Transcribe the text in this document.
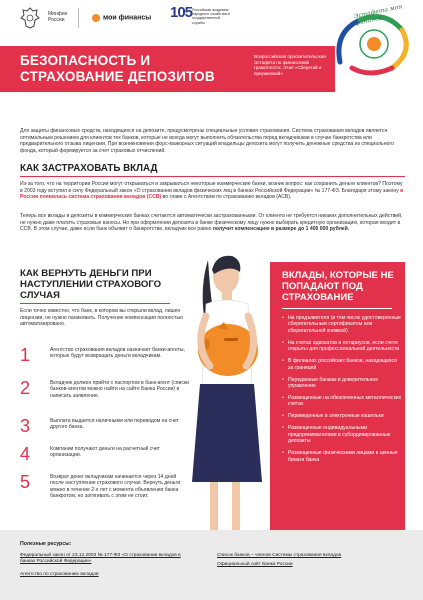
Минфин России	мои финансы 105 Российская академия народного хозяйства и государственной службы
Эстафета моя финансы
БЕЗОПАСНОСТЬ И СТРАХОВАНИЕ ДЕПОЗИТОВ
Всероссийская просветительская Эстафета по финансовой грамотности. Этап «Сберегай и приумножай»

Для защиты финансовых средств, находящихся на депозите, предусмотрены специальные условия страхования. Система страхования вкладов является оптимальным решением для клиентов тех банков, которые не всегда могут выполнить обязательства перед вкладчиками в случае банкротства или предварительного отзыва лицензии. При возникновении форс-мажорных ситуаций владельцы депозита могут получить денежные средства из специального фонда, который формируется за счет страховых отчислений.

КАК ЗАСТРАХОВАТЬ ВКЛАД

Из-за того, что на территории России могут открываться и закрываться некоторые коммерческие банки, возник вопрос: как сохранить деньги клиентов? Поэтому в 2003 году вступил в силу Федеральный закон «О страховании вкладов физических лиц в банках Российской Федерации» № 177-ФЗ. Благодаря этому закону в России появилась система страхования вкладов (ССВ) во главе с Агентством по страхованию вкладов (АСВ).

Теперь все вклады и депозиты в коммерческих банках считаются автоматически застрахованными. От клиента не требуется никаких дополнительных действий, не нужно даже платить страховые взносы. Но при оформлении депозита в банке физическому лицу нужно выбирать кредитную организацию, которая входит в ССВ. В этом случае, даже если банк объявит о банкротстве, вкладчик все равно получит компенсацию в размере до 1 400 000 рублей.

КАК ВЕРНУТЬ ДЕНЬГИ ПРИ НАСТУПЛЕНИИ СТРАХОВОГО СЛУЧАЯ

Если точно известно, что банк, в котором вы открыли вклад, лишен лицензии, не нужно паниковать. Получение компенсации полностью автоматизировано.

1	Агентство страхования вкладов назначает банки-агенты, которые будут возвращать деньги вкладчикам.
2	Вкладчик должен прийти с паспортом в банк-агент (списки банков-агентов можно найти на сайте Банка России) и написать заявление.
3	Выплата выдается наличными или переводом на счет другого банка.
4	Компании получают деньги на расчетный счет организации.
5	Возврат денег вкладчикам начинается через 14 дней после наступления страхового случая. Вернуть деньги можно в течение 2-х лет с момента объявления банка банкротом, но затягивать с этим не стоит.
ВКЛАДЫ, КОТОРЫЕ НЕ ПОПАДАЮТ ПОД СТРАХОВАНИЕ
• На предъявителя (в том числе удостоверенные сберегательным сертификатом или сберегательной книжкой)
• На счетах адвокатов и нотариусов, если счете открыты для профессиональной деятельности
• В филиалах российских банков, находящихся за границей
• Переданные банкам в доверительное управление
• Размещенные на обезличенных металлических счетах
• Переведенные в электронные кошельки
• Размещенные индивидуальными предпринимателями в субординированные депозиты
• Размещенные физическими лицами в ценные бумаги банка
Полезные ресурсы:
Федеральный закон от 23.12.2003 № 177-ФЗ «О страховании вкладов в банках Российской Федерации»
Агентство по страхованию вкладов
Список банков – членов Системы страхования вкладов
Официальный сайт Банка России
